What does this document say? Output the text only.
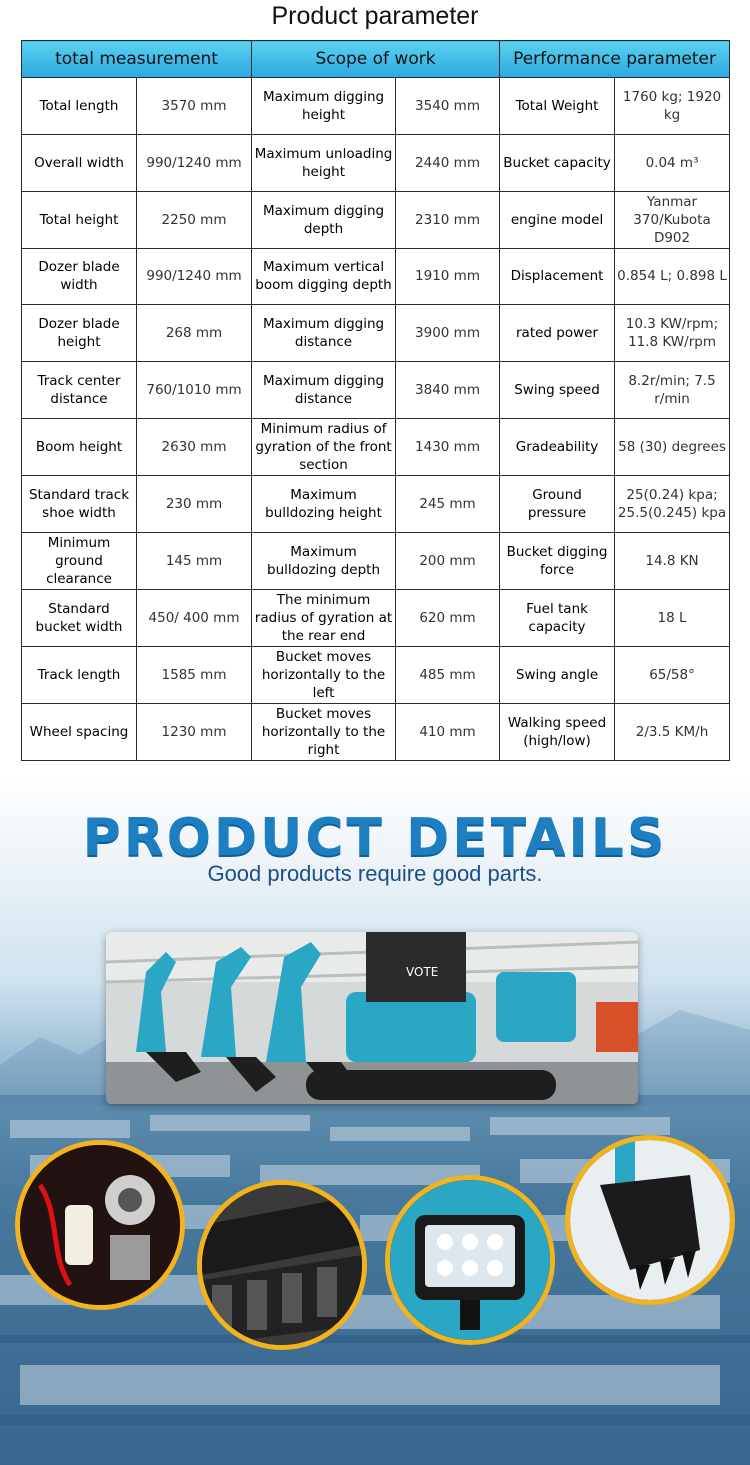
Product parameter
total measurement		Scope of work		Performance parameter	
Total length	3570 mm	Maximum digging height	3540 mm	Total Weight	1760 kg; 1920 kg
Overall width	990/1240 mm	Maximum unloading height	2440 mm	Bucket capacity	0.04 m³
Total height	2250 mm	Maximum digging depth	2310 mm	engine model	Yanmar 370/Kubota D902
Dozer blade width	990/1240 mm	Maximum vertical boom digging depth	1910 mm	Displacement	0.854 L; 0.898 L
Dozer blade height	268 mm	Maximum digging distance	3900 mm	rated power	10.3 KW/rpm; 11.8 KW/rpm
Track center distance	760/1010 mm	Maximum digging distance	3840 mm	Swing speed	8.2r/min; 7.5 r/min
Boom height	2630 mm	Minimum radius of gyration of the front section	1430 mm	Gradeability	58 (30) degrees
Standard track shoe width	230 mm	Maximum bulldozing height	245 mm	Ground pressure	25(0.24) kpa; 25.5(0.245) kpa
Minimum ground clearance	145 mm	Maximum bulldozing depth	200 mm	Bucket digging force	14.8 KN
Standard bucket width	450/ 400 mm	The minimum radius of gyration at the rear end	620 mm	Fuel tank capacity	18 L
Track length	1585 mm	Bucket moves horizontally to the left	485 mm	Swing angle	65/58°
Wheel spacing	1230 mm	Bucket moves horizontally to the right	410 mm	Walking speed (high/low)	2/3.5 KM/h
PRODUCT DETAILS
Good products require good parts.
VOTE
